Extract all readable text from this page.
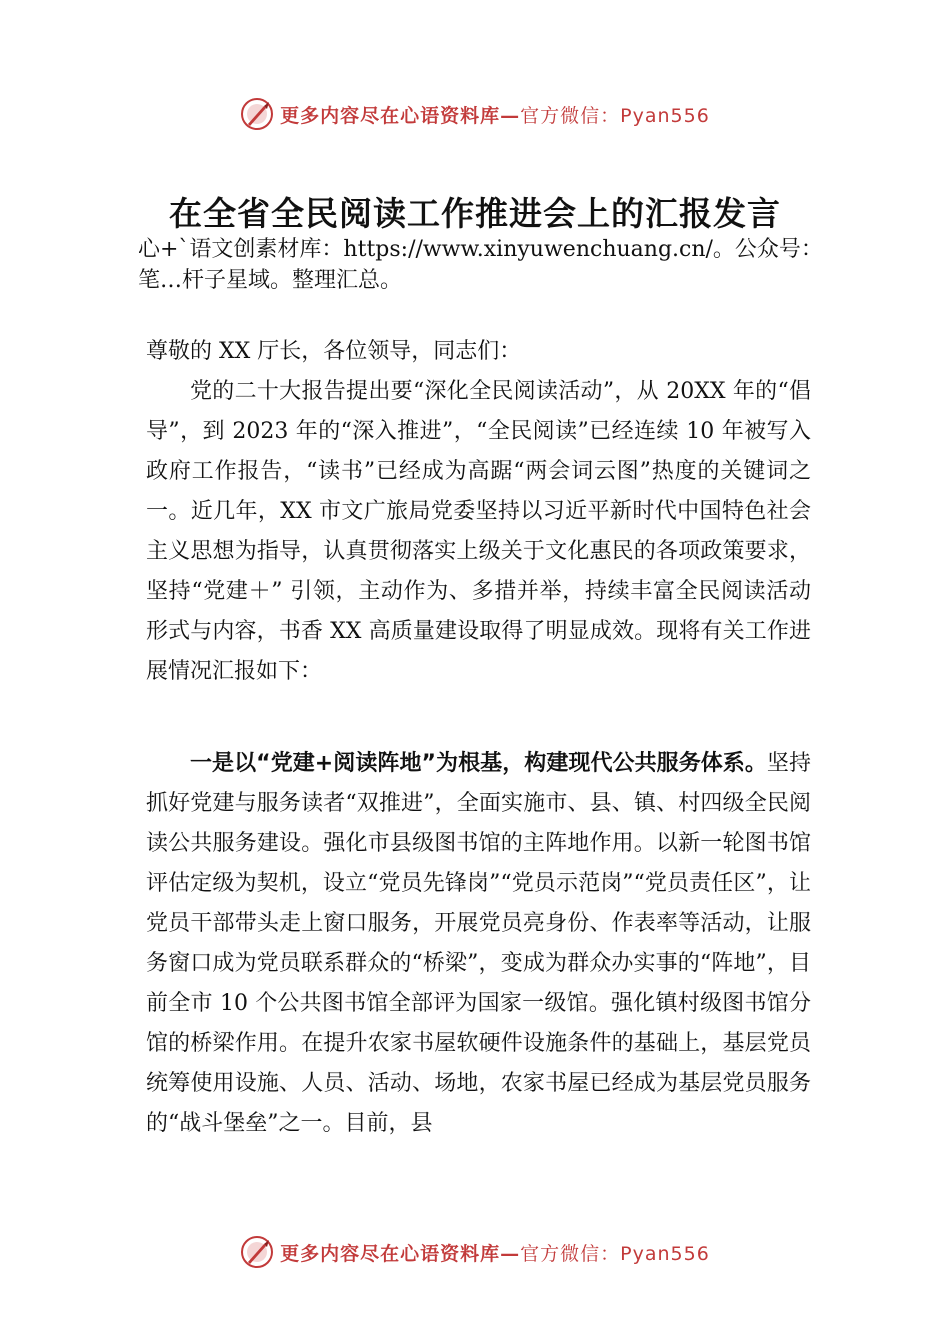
更多内容尽在心语资料库— 官方微信：Pyan556
在全省全民阅读工作推进会上的汇报发言

心+`语文创素材库：https://www.xinyuwenchuang.cn/。公众号：笔…杆子星域。整理汇总。

尊敬的 XX 厅长，各位领导，同志们：

党的二十大报告提出要“深化全民阅读活动”，从 20XX 年的“倡导”，到 2023 年的“深入推进”，“全民阅读”已经连续 10 年被写入政府工作报告，“读书”已经成为高踞“两会词云图”热度的关键词之一。近几年，XX 市文广旅局党委坚持以习近平新时代中国特色社会主义思想为指导，认真贯彻落实上级关于文化惠民的各项政策要求，坚持“党建＋” 引领，主动作为、多措并举，持续丰富全民阅读活动形式与内容，书香 XX 高质量建设取得了明显成效。现将有关工作进展情况汇报如下：

一是以“党建+阅读阵地”为根基，构建现代公共服务体系。坚持抓好党建与服务读者“双推进”，全面实施市、县、镇、村四级全民阅读公共服务建设。强化市县级图书馆的主阵地作用。以新一轮图书馆评估定级为契机，设立“党员先锋岗”“党员示范岗”“党员责任区”，让党员干部带头走上窗口服务，开展党员亮身份、作表率等活动，让服务窗口成为党员联系群众的“桥梁”，变成为群众办实事的“阵地”，目前全市 10 个公共图书馆全部评为国家一级馆。强化镇村级图书馆分馆的桥梁作用。在提升农家书屋软硬件设施条件的基础上，基层党员统筹使用设施、人员、活动、场地，农家书屋已经成为基层党员服务的“战斗堡垒”之一。目前，县

更多内容尽在心语资料库— 官方微信：Pyan556
